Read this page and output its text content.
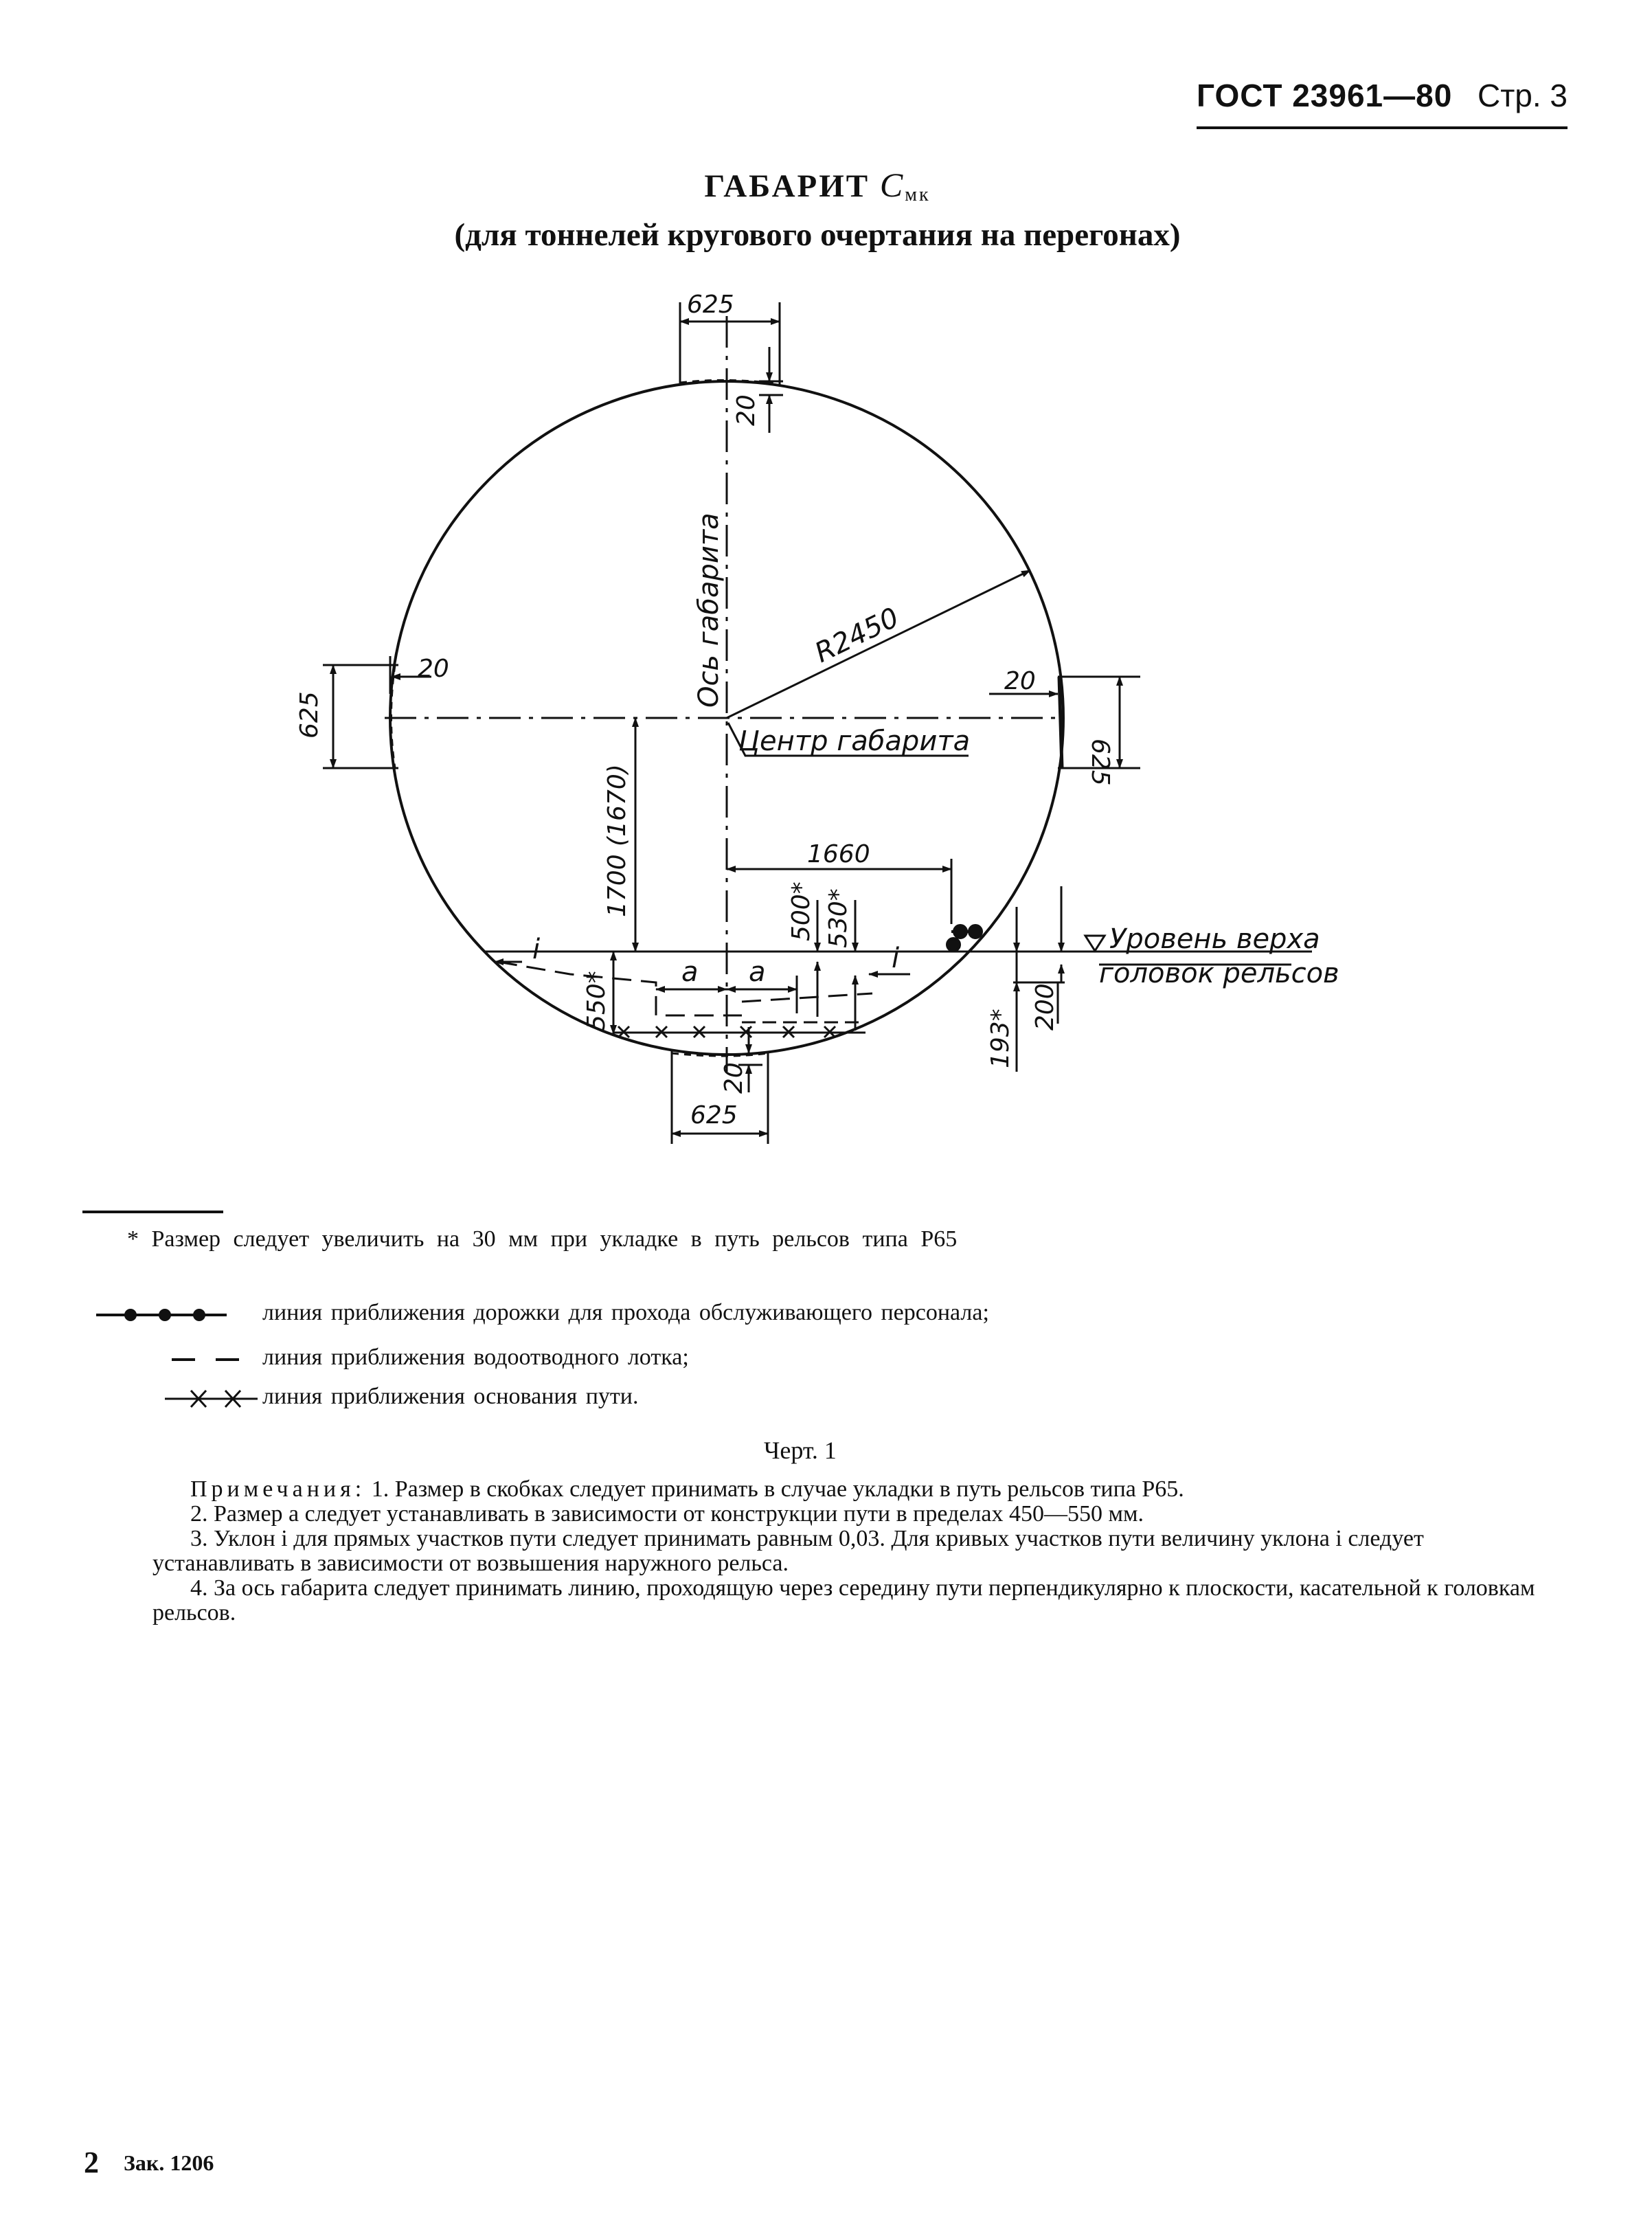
ГОСТ 23961—80 Стр. 3
ГАБАРИТ $С_{мк}$
(для тоннелей кругового очертания на перегонах)
625
20
Ось габарита	R2450
20
625
20
625
Центр габарита
1700 (1670)	1660
500* 530*	Уровень верха
головок рельсов
i	i
a a
550*
193*
200
20
625
* Размер следует увеличить на 30 мм при укладке в путь рельсов типа Р65
линия приближения дорожки для прохода обслуживающего персонала;
линия приближения водоотводного лотка;
линия приближения основания пути.
Черт. 1

Примечания: 1. Размер в скобках следует принимать в случае укладки в путь рельсов типа Р65.

2. Размер a следует устанавливать в зависимости от конструкции пути в пределах 450—550 мм.

3. Уклон i для прямых участков пути следует принимать равным 0,03. Для кривых участков пути величину уклона i следует устанавливать в зависимости от возвышения наружного рельса.

4. За ось габарита следует принимать линию, проходящую через середину пути перпендикулярно к плоскости, касательной к головкам рельсов.

2 Зак. 1206
